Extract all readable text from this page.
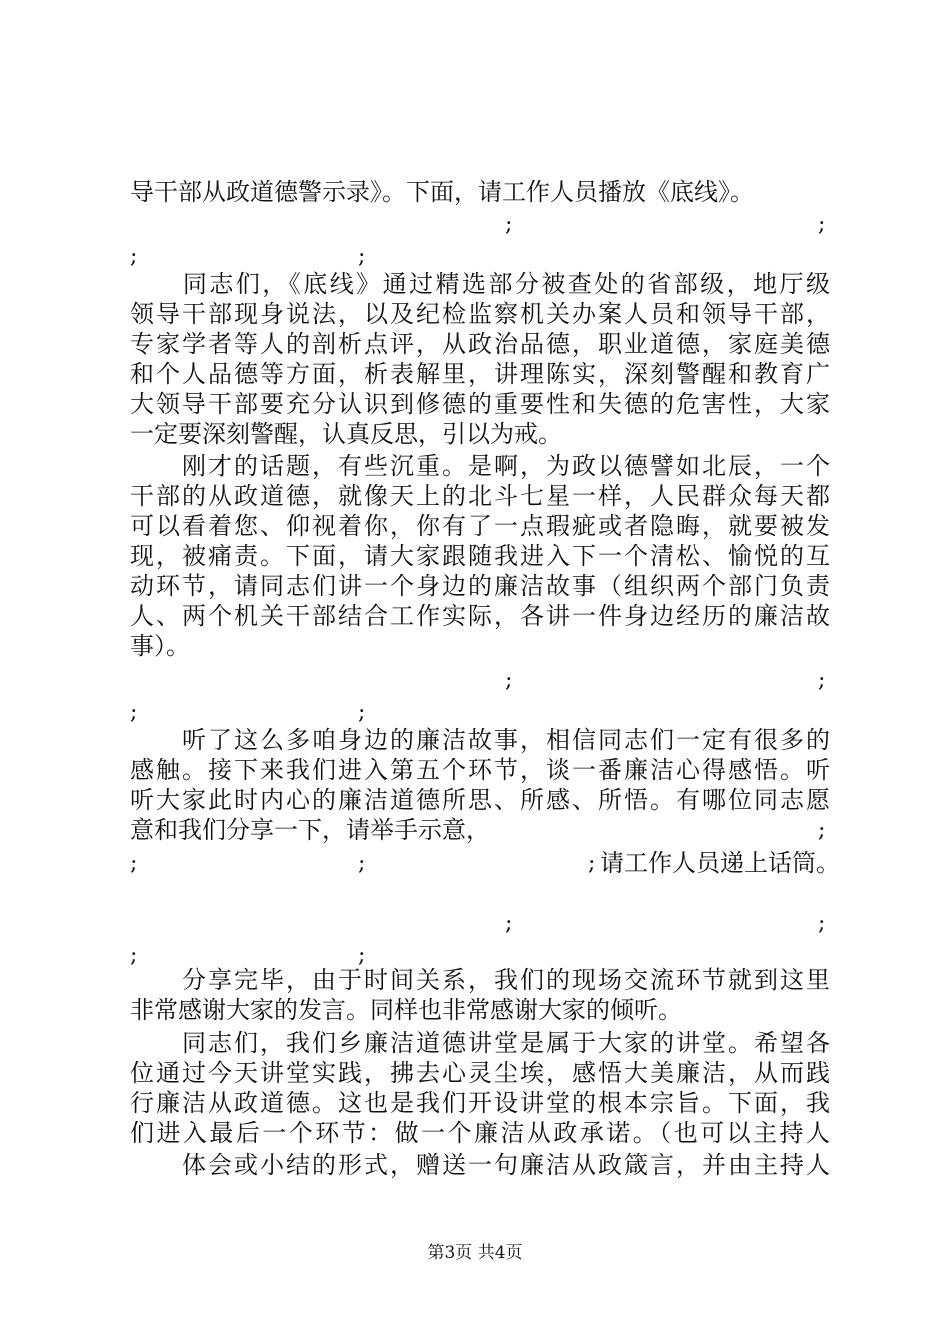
导干部从政道德警示录》。下面，请工作人员播放《底线》。
;	;
;	;
　　同志们，《底线》通过精选部分被查处的省部级，地厅级
领导干部现身说法，以及纪检监察机关办案人员和领导干部，
专家学者等人的剖析点评，从政治品德，职业道德，家庭美德
和个人品德等方面，析表解里，讲理陈实，深刻警醒和教育广
大领导干部要充分认识到修德的重要性和失德的危害性，大家
一定要深刻警醒，认真反思，引以为戒。
　　刚才的话题，有些沉重。是啊，为政以德譬如北辰，一个
干部的从政道德，就像天上的北斗七星一样，人民群众每天都
可以看着您、仰视着你，你有了一点瑕疵或者隐晦，就要被发
现，被痛责。下面，请大家跟随我进入下一个清松、愉悦的互
动环节，请同志们讲一个身边的廉洁故事（组织两个部门负责
人、两个机关干部结合工作实际，各讲一件身边经历的廉洁故
事）。
;	;
;	;
　　听了这么多咱身边的廉洁故事，相信同志们一定有很多的
感触。接下来我们进入第五个环节，谈一番廉洁心得感悟。听
听大家此时内心的廉洁道德所思、所感、所悟。有哪位同志愿
意和我们分享一下，请举手示意，	;
;	;	; 请工作人员递上话筒。
;	;
;	;
　　分享完毕，由于时间关系，我们的现场交流环节就到这里
非常感谢大家的发言。同样也非常感谢大家的倾听。
　　同志们，我们乡廉洁道德讲堂是属于大家的讲堂。希望各
位通过今天讲堂实践，拂去心灵尘埃，感悟大美廉洁，从而践
行廉洁从政道德。这也是我们开设讲堂的根本宗旨。下面，我
们进入最后一个环节：做一个廉洁从政承诺。（也可以主持人
　　体会或小结的形式，赠送一句廉洁从政箴言，并由主持人
第3页 共4页
